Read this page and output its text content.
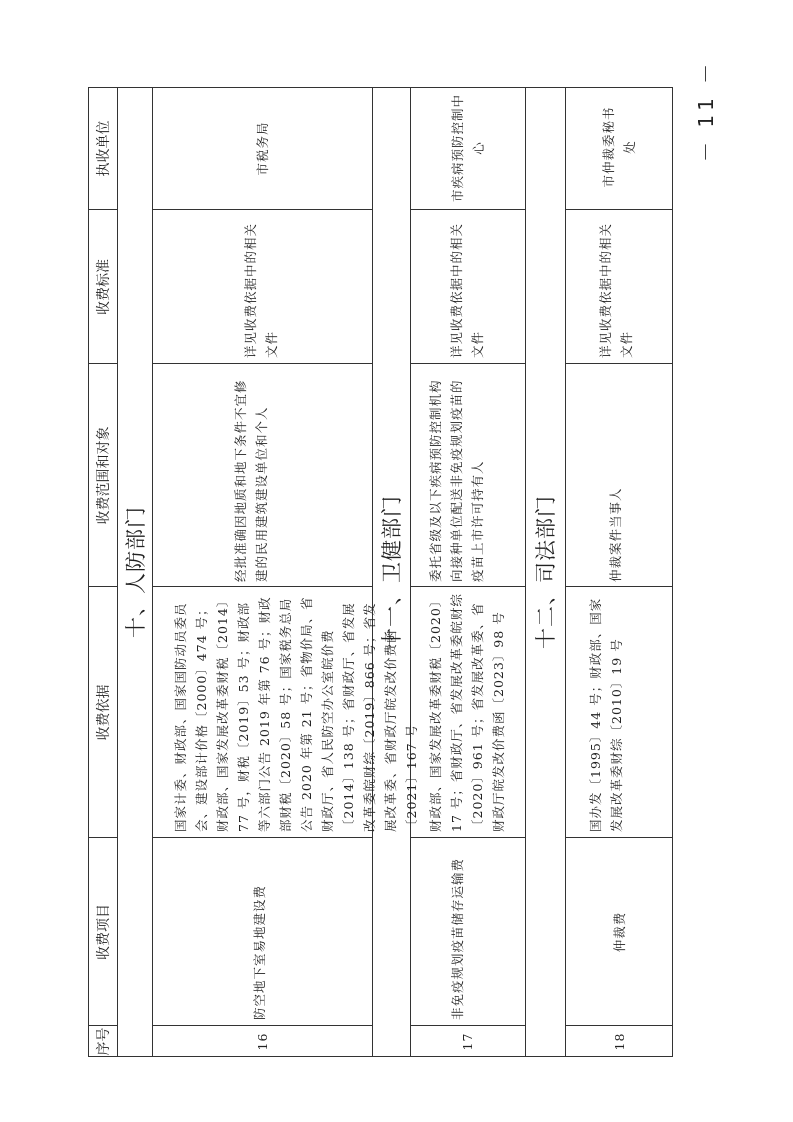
序号
收费项目
收费依据
收费范围和对象
收费标准
执收单位
十、人防部门
16
防空地下室易地建设费
国家计委、财政部、国家国防动员委员会、建设部计价格〔2000〕474 号；财政部、国家发展改革委财税〔2014〕77 号，财税〔2019〕53 号；财政部等六部门公告 2019 年第 76 号；财政部财税〔2020〕58 号；国家税务总局公告 2020 年第 21 号；省物价局、省财政厅、省人民防空办公室皖价费〔2014〕138 号；省财政厅、省发展改革委皖财综〔2019〕866 号；省发展改革委、省财政厅皖发改价费函〔2021〕167 号
经批准确因地质和地下条件不宜修建的民用建筑建设单位和个人
详见收费依据中的相关文件
市税务局
十一、卫健部门
17
非免疫规划疫苗储存运输费
财政部、国家发展改革委财税〔2020〕17 号；省财政厅、省发展改革委皖财综〔2020〕961 号；省发展改革委、省财政厅皖发改价费函〔2023〕98 号
委托省级及以下疾病预防控制机构向接种单位配送非免疫规划疫苗的疫苗上市许可持有人
详见收费依据中的相关文件
市疾病预防控制中心
十二、司法部门
18
仲裁费
国办发〔1995〕44 号；财政部、国家发展改革委财综〔2010〕19 号
仲裁案件当事人
详见收费依据中的相关文件
市仲裁委秘书处	－ 11 －
